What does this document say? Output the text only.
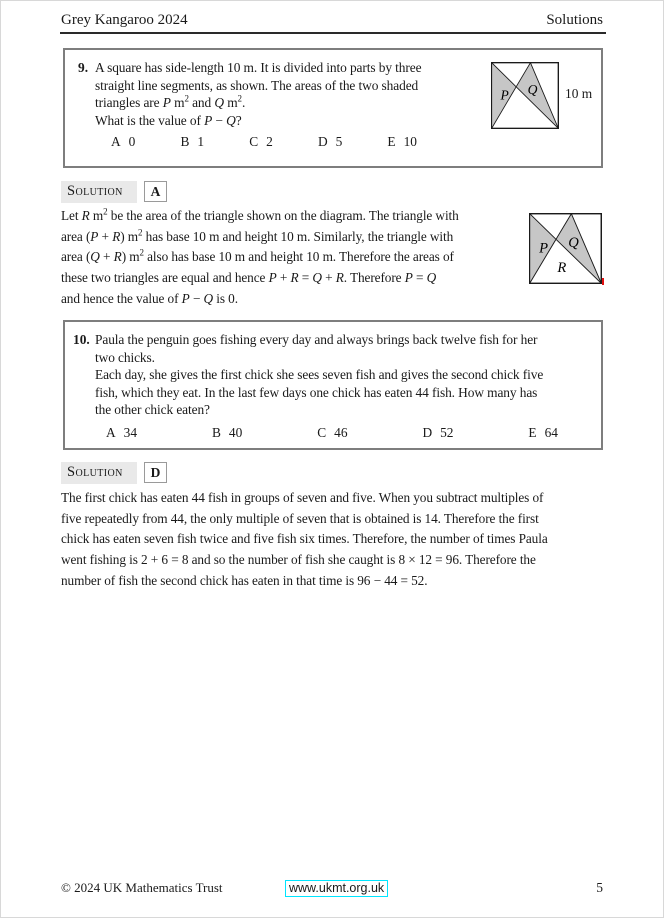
Grey Kangaroo 2024	Solutions
9. A square has side-length 10 m. It is divided into parts by three
straight line segments, as shown. The areas of the two shaded
triangles are P $m^2$ and Q $m^2$.
What is the value of P − Q?
A 0	B 1	C 2	D 5	E 10
P Q 10 m
Solution	A
Let R $m^2$ be the area of the triangle shown on the diagram. The triangle with
area (P + R) $m^2$ has base 10 m and height 10 m. Similarly, the triangle with
area (Q + R) $m^2$ also has base 10 m and height 10 m. Therefore the areas of
these two triangles are equal and hence P + R = Q + R. Therefore P = Q
and hence the value of P − Q is 0.
P Q
R
10. Paula the penguin goes fishing every day and always brings back twelve fish for her
two chicks.
Each day, she gives the first chick she sees seven fish and gives the second chick five
fish, which they eat. In the last few days one chick has eaten 44 fish. How many has
the other chick eaten?
A 34	B 40	C 46	D 52	E 64
Solution	D
The first chick has eaten 44 fish in groups of seven and five. When you subtract multiples of
five repeatedly from 44, the only multiple of seven that is obtained is 14. Therefore the first
chick has eaten seven fish twice and five fish six times. Therefore, the number of times Paula
went fishing is 2 + 6 = 8 and so the number of fish she caught is 8 × 12 = 96. Therefore the
number of fish the second chick has eaten in that time is 96 − 44 = 52.
© 2024 UK Mathematics Trust	www.ukmt.org.uk	5
